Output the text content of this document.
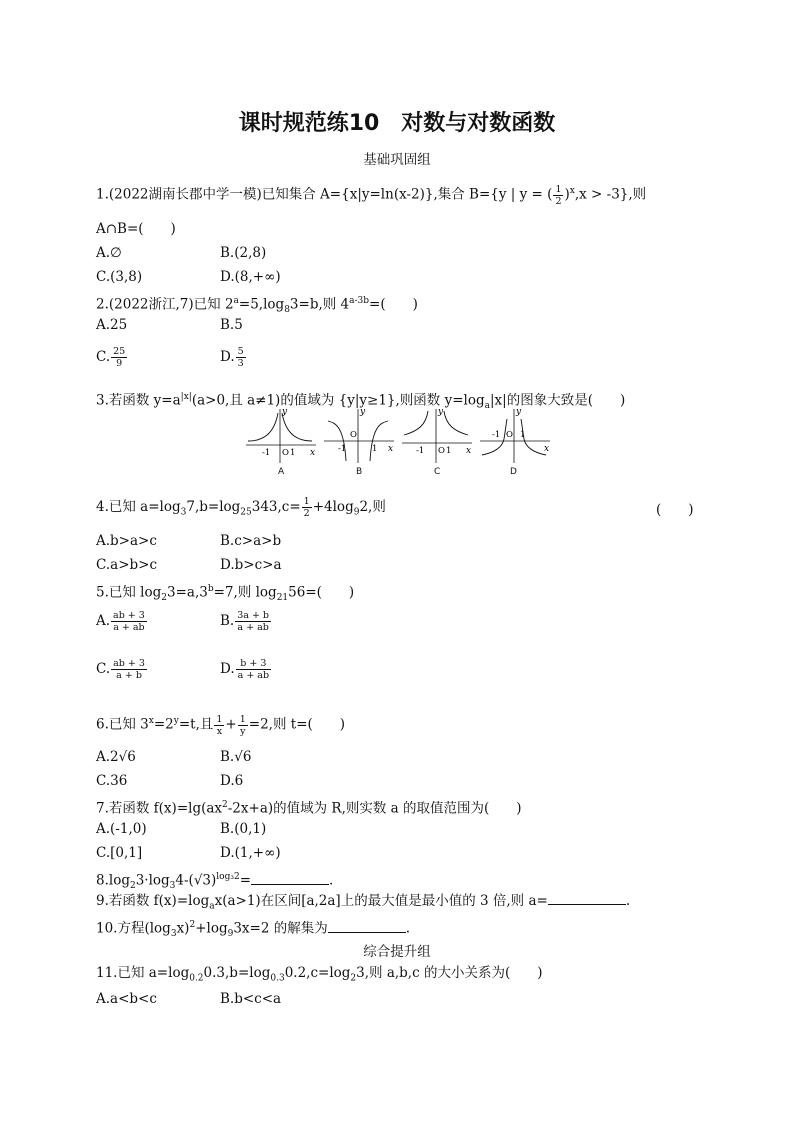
课时规范练10　对数与对数函数
基础巩固组
1.(2022湖南长郡中学一模)已知集合 A={x|y=ln(x-2)},集合 B={y | y = ( $\frac{1}{2} )^x,x > -3$},则
A∩B=(　　)
A.∅	B.(2,8)
C.(3,8)	D.(8,+∞)
2.(2022浙江,7)已知 $2^a=5,\log_83=b$,则 $4^{a-3b}=$(　　)
A.25	B.5
C. $\frac{25}{9}$	D. $\frac{5}{3}$
3.若函数 $y=a^{|x|}(a>0$,且 a≠1)的值域为 {y|y≥1},则函数 $y=\log_a|x|$的图象大致是(　　)
y
x
-1 O 1
y
x
O
-1	1
y
x
-1 O 1
y
x
-1 O 1
A	B	C	D
4.已知 $a=\log_37,b=\log_{25}343,c= \frac{1}{2} +4\log_92$,则	(　　)
A.b>a>c	B.c>a>b
C.a>b>c	D.b>c>a
5.已知 $\log_23=a,3^b=7$,则 $\log_{21}56=$(　　)
A. $\frac{ab + 3}{a + ab}$	B. $\frac{3a + b}{a + ab}$
C. $\frac{ab + 3}{a + b}$	D. $\frac{b + 3}{a + ab}$
6.已知 $3^x=2^y=t$,且 $\frac{1}{x} + \frac{1}{y} =2$,则 t=(　　)
A.2√6	B.√6
C.36	D.6
7.若函数 $f(x)=\lg(ax^2-2x+a)$的值域为 R,则实数 a 的取值范围为(　　)
A.(-1,0)	B.(0,1)
C.[0,1]	D.(1,+∞)
$8.\log_23\cdot\log_34-(√3)^{log_32}=$	.
9.若函数 $f(x)=\log_ax(a>1)$在区间[a,2a]上的最大值是最小值的 3 倍,则 a=	.
10.方程$(\log_3x)^2+\log_93x=2$ 的解集为	.
综合提升组
11.已知 $a=\log_{0.2}0.3,b=\log_{0.3}0.2,c=\log_23$,则 a,b,c 的大小关系为(　　)
A.a<b<c	B.b<c<a
